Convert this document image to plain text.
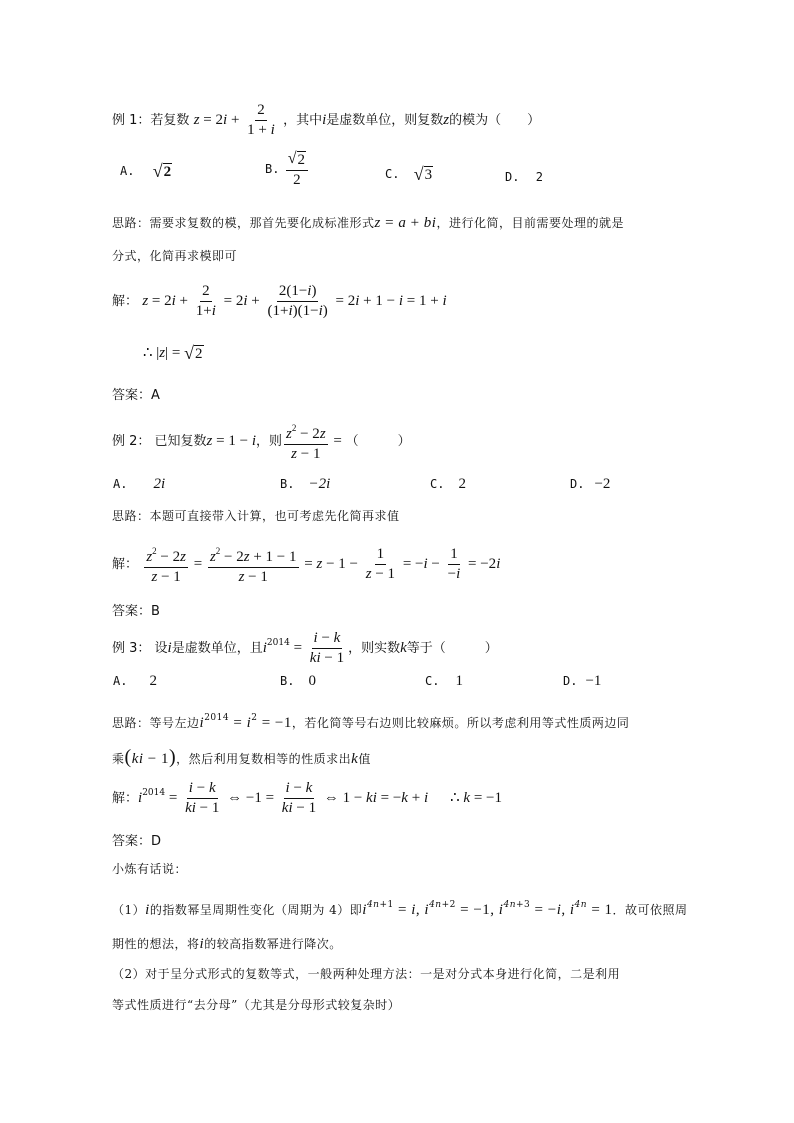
例 1：若复数 $z = 2i + \frac{2}{1 + i}$ ，其中i是虚数单位，则复数z的模为（　　）
A. √ 2	B. $\frac{√ 2}{2}$	C. √ 3	D. 2
思路：需要求复数的模，那首先要化成标准形式z = a + bi，进行化简，目前需要处理的就是
分式，化简再求模即可
解： $z = 2i + \frac{2}{1+i} = 2i + \frac{2(1-i)}{(1+i)(1-i)} = 2i + 1 - i = 1 + i$
∴ |z| = √ 2
答案：A
例 2： 已知复数z = 1 − i，则 $\frac{z^2 - 2z}{z - 1}$ = （　　　）
A. 2i	B. −2i	C. 2	D. −2
思路：本题可直接带入计算，也可考虑先化简再求值
解： $\frac{z^2 - 2z}{z - 1} = \frac{z^2 - 2z + 1 - 1}{z - 1} = z - 1 - \frac{1}{z - 1} = -i - \frac{1}{-i} = -2i$
答案：B
例 3： 设i是虚数单位，且$i^{2014} = \frac{i - k}{ki - 1}$ ，则实数k等于（　　　）
A. 2	B. 0	C. 1	D. −1
思路：等号左边$i^{2014} = i^2 = -1$，若化简等号右边则比较麻烦。所以考虑利用等式性质两边同
乘(ki − 1)，然后利用复数相等的性质求出k值
解：$i^{2014} = \frac{i - k}{ki - 1}$ ⇔ $-1 = \frac{i - k}{ki - 1}$ ⇔ 1 − ki = −k + i ∴ k = −1
答案：D
小炼有话说：
（1）i的指数幂呈周期性变化（周期为 4）即$i^{4n+1} = i$, $i^{4n+2} = -1$, $i^{4n+3} = -i$, $i^{4n} = 1$．故可依照周
期性的想法，将i的较高指数幂进行降次。
（2）对于呈分式形式的复数等式，一般两种处理方法：一是对分式本身进行化简，二是利用
等式性质进行“去分母”（尤其是分母形式较复杂时）
